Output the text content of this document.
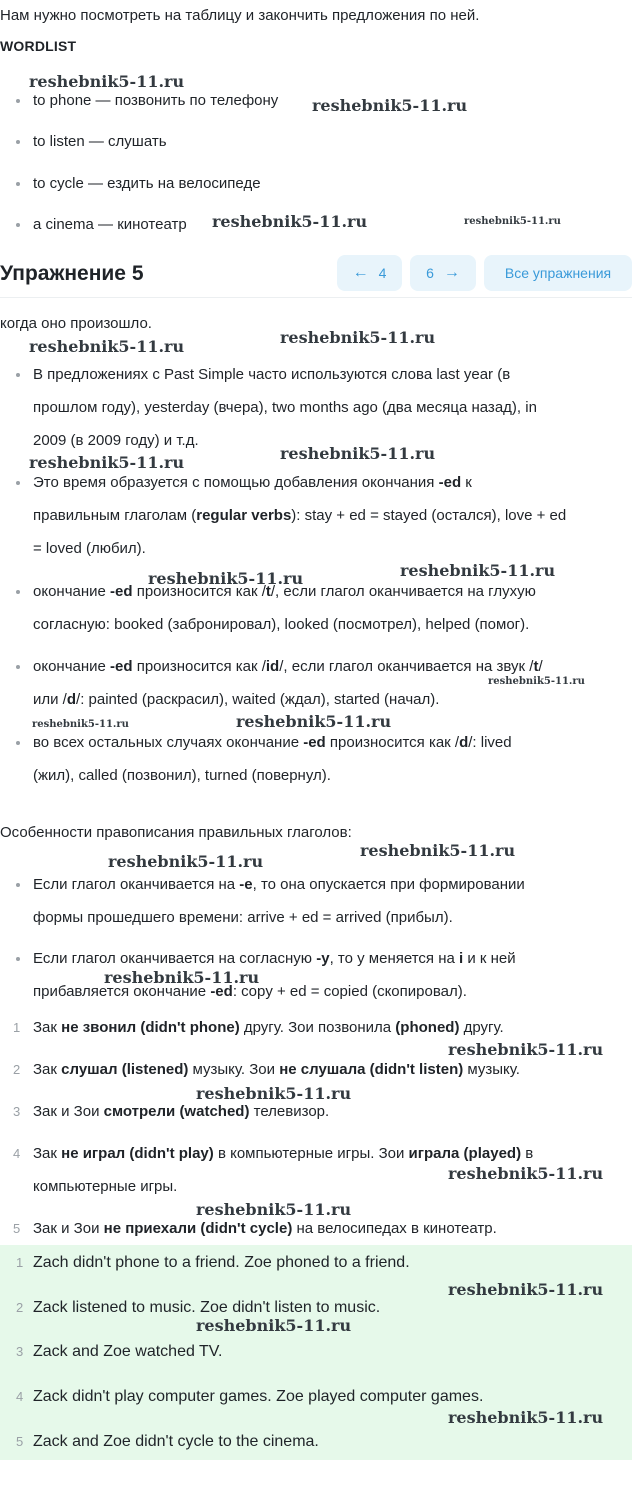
Нам нужно посмотреть на таблицу и закончить предложения по ней.
WORDLIST
to phone — позвонить по телефону
to listen — слушать
to cycle — ездить на велосипеде
a cinema — кинотеатр
Упражнение 5	← 4	6 →	Все упражнения
когда оно произошло.
В предложениях с Past Simple часто используются слова last year (в
прошлом году), yesterday (вчера), two months ago (два месяца назад), in
2009 (в 2009 году) и т.д.
Это время образуется с помощью добавления окончания -ed к
правильным глаголам (regular verbs): stay + ed = stayed (остался), love + ed
= loved (любил).
окончание -ed произносится как /t/, если глагол оканчивается на глухую
согласную: booked (забронировал), looked (посмотрел), helped (помог).
окончание -ed произносится как /id/, если глагол оканчивается на звук /t/
или /d/: painted (раскрасил), waited (ждал), started (начал).
во всех остальных случаях окончание -ed произносится как /d/: lived
(жил), called (позвонил), turned (повернул).
Особенности правописания правильных глаголов:
Если глагол оканчивается на -e, то она опускается при формировании
формы прошедшего времени: arrive + ed = arrived (прибыл).
Если глагол оканчивается на согласную -y, то у меняется на i и к ней
прибавляется окончание -ed: copy + ed = copied (скопировал).
1 Зак не звонил (didn't phone) другу. Зои позвонила (phoned) другу.
2 Зак слушал (listened) музыку. Зои не слушала (didn't listen) музыку.
3 Зак и Зои смотрели (watched) телевизор.
4 Зак не играл (didn't play) в компьютерные игры. Зои играла (played) в
компьютерные игры.
5 Зак и Зои не приехали (didn't cycle) на велосипедах в кинотеатр.
1 Zach didn't phone to a friend. Zoe phoned to a friend.
2 Zack listened to music. Zoe didn't listen to music.
3 Zack and Zoe watched TV.
4 Zack didn't play computer games. Zoe played computer games.
5 Zack and Zoe didn't cycle to the cinema.
reshebnik5-11.ru
reshebnik5-11.ru
reshebnik5-11.ru	reshebnik5-11.ru
reshebnik5-11.ru
reshebnik5-11.ru
reshebnik5-11.ru
reshebnik5-11.ru
reshebnik5-11.ru
reshebnik5-11.ru
reshebnik5-11.ru
reshebnik5-11.ru
reshebnik5-11.ru
reshebnik5-11.ru
reshebnik5-11.ru
reshebnik5-11.ru
reshebnik5-11.ru
reshebnik5-11.ru
reshebnik5-11.ru
reshebnik5-11.ru
reshebnik5-11.ru
reshebnik5-11.ru
reshebnik5-11.ru
